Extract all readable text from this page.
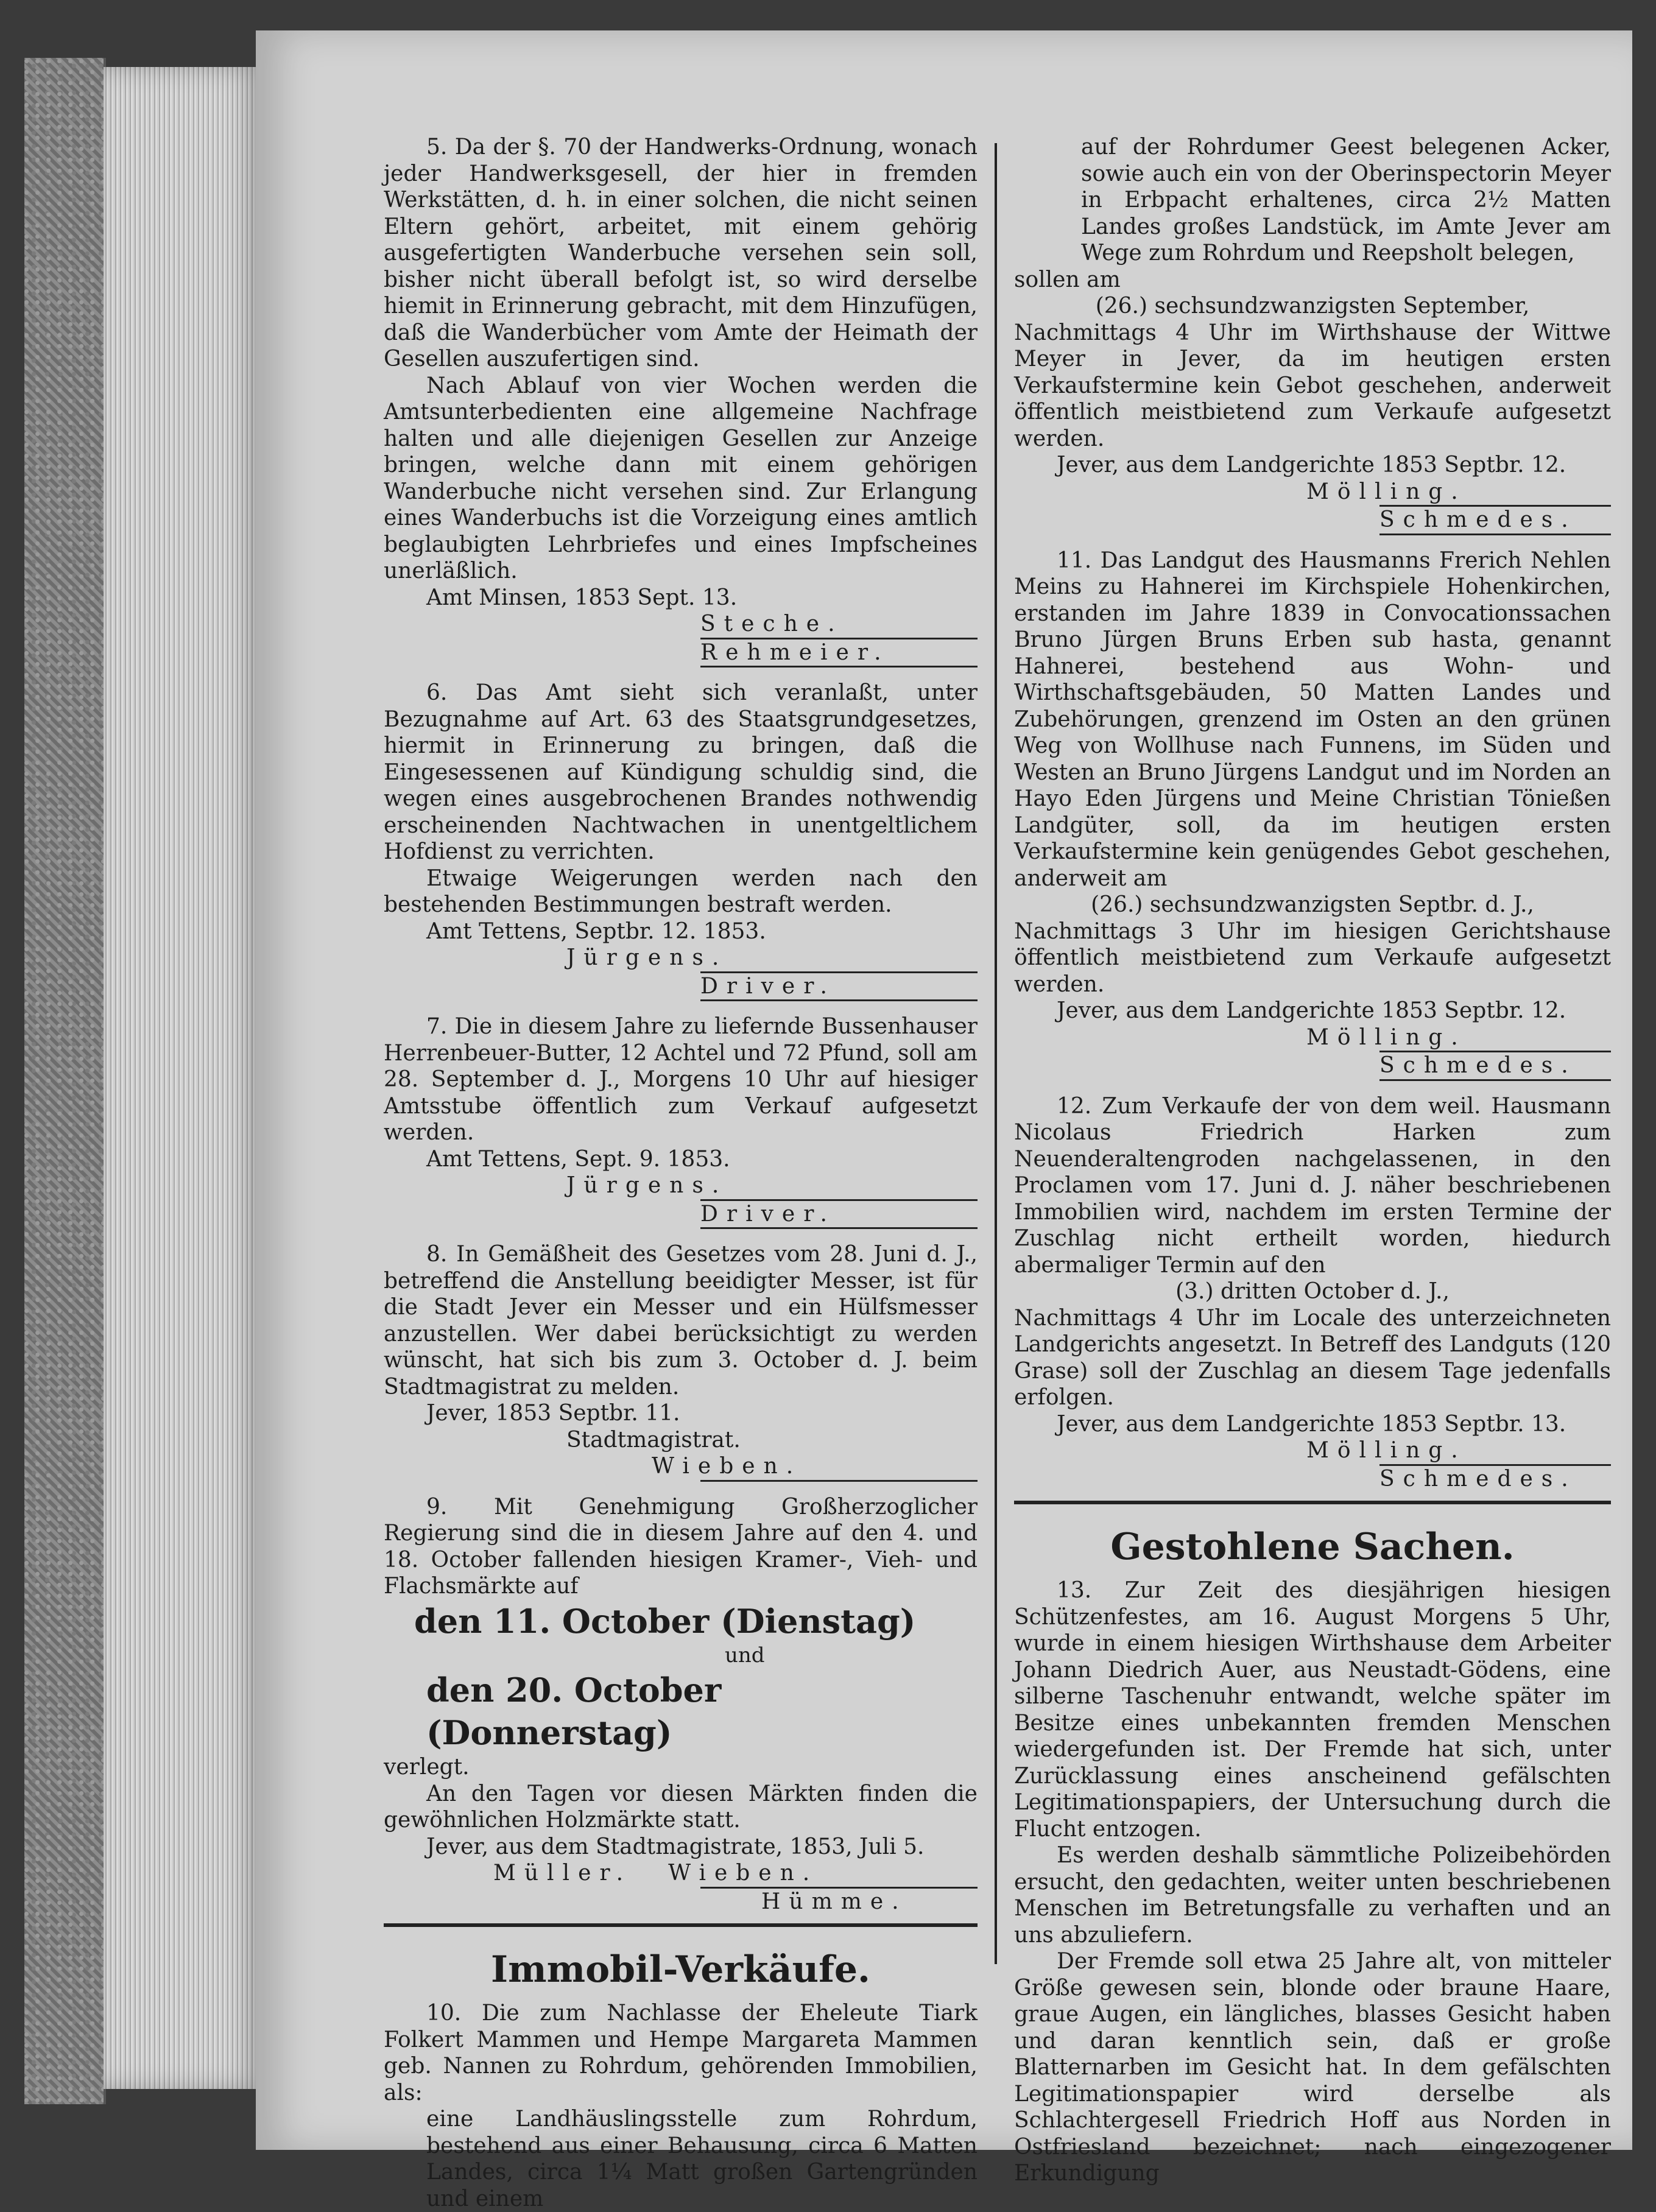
5. Da der §. 70 der Handwerks-Ordnung, wonach jeder Handwerksgesell, der hier in fremden Werkstätten, d. h. in einer solchen, die nicht seinen Eltern gehört, arbeitet, mit einem gehörig ausgefertigten Wanderbuche versehen sein soll, bisher nicht überall befolgt ist, so wird derselbe hiemit in Erinnerung gebracht, mit dem Hinzufügen, daß die Wanderbücher vom Amte der Heimath der Gesellen auszufertigen sind.

Nach Ablauf von vier Wochen werden die Amtsunterbedienten eine allgemeine Nachfrage halten und alle diejenigen Gesellen zur Anzeige bringen, welche dann mit einem gehörigen Wanderbuche nicht versehen sind. Zur Erlangung eines Wanderbuchs ist die Vorzeigung eines amtlich beglaubigten Lehrbriefes und eines Impfscheines unerläßlich.

Amt Minsen, 1853 Sept. 13.

Steche.

Rehmeier.

6. Das Amt sieht sich veranlaßt, unter Bezugnahme auf Art. 63 des Staatsgrundgesetzes, hiermit in Erinnerung zu bringen, daß die Eingesessenen auf Kündigung schuldig sind, die wegen eines ausgebrochenen Brandes nothwendig erscheinenden Nachtwachen in unentgeltlichem Hofdienst zu verrichten.

Etwaige Weigerungen werden nach den bestehenden Bestimmungen bestraft werden.

Amt Tettens, Septbr. 12. 1853.

Jürgens.

Driver.

7. Die in diesem Jahre zu liefernde Bussenhauser Herrenbeuer-Butter, 12 Achtel und 72 Pfund, soll am 28. September d. J., Morgens 10 Uhr auf hiesiger Amtsstube öffentlich zum Verkauf aufgesetzt werden.

Amt Tettens, Sept. 9. 1853.

Jürgens.

Driver.

8. In Gemäßheit des Gesetzes vom 28. Juni d. J., betreffend die Anstellung beeidigter Messer, ist für die Stadt Jever ein Messer und ein Hülfsmesser anzustellen. Wer dabei berücksichtigt zu werden wünscht, hat sich bis zum 3. October d. J. beim Stadtmagistrat zu melden.

Jever, 1853 Septbr. 11.

Stadtmagistrat.

Wieben.

9. Mit Genehmigung Großherzoglicher Regierung sind die in diesem Jahre auf den 4. und 18. October fallenden hiesigen Kramer-, Vieh- und Flachsmärkte auf

den 11. October (Dienstag)

und

den 20. October (Donnerstag)

verlegt.

An den Tagen vor diesen Märkten finden die gewöhnlichen Holzmärkte statt.

Jever, aus dem Stadtmagistrate, 1853, Juli 5.

Müller. Wieben.

Hümme.

Immobil-Verkäufe.

10. Die zum Nachlasse der Eheleute Tiark Folkert Mammen und Hempe Margareta Mammen geb. Nannen zu Rohrdum, gehörenden Immobilien, als:

eine Landhäuslingsstelle zum Rohrdum, bestehend aus einer Behausung, circa 6 Matten Landes, circa 1¼ Matt großen Gartengründen und einem

auf der Rohrdumer Geest belegenen Acker, sowie auch ein von der Oberinspectorin Meyer in Erbpacht erhaltenes, circa 2½ Matten Landes großes Landstück, im Amte Jever am Wege zum Rohrdum und Reepsholt belegen,

sollen am

(26.) sechsundzwanzigsten September,

Nachmittags 4 Uhr im Wirthshause der Wittwe Meyer in Jever, da im heutigen ersten Verkaufstermine kein Gebot geschehen, anderweit öffentlich meistbietend zum Verkaufe aufgesetzt werden.

Jever, aus dem Landgerichte 1853 Septbr. 12.

Mölling.

Schmedes.

11. Das Landgut des Hausmanns Frerich Nehlen Meins zu Hahnerei im Kirchspiele Hohenkirchen, erstanden im Jahre 1839 in Convocationssachen Bruno Jürgen Bruns Erben sub hasta, genannt Hahnerei, bestehend aus Wohn- und Wirthschaftsgebäuden, 50 Matten Landes und Zubehörungen, grenzend im Osten an den grünen Weg von Wollhuse nach Funnens, im Süden und Westen an Bruno Jürgens Landgut und im Norden an Hayo Eden Jürgens und Meine Christian Tönießen Landgüter, soll, da im heutigen ersten Verkaufstermine kein genügendes Gebot geschehen, anderweit am

(26.) sechsundzwanzigsten Septbr. d. J.,

Nachmittags 3 Uhr im hiesigen Gerichtshause öffentlich meistbietend zum Verkaufe aufgesetzt werden.

Jever, aus dem Landgerichte 1853 Septbr. 12.

Mölling.

Schmedes.

12. Zum Verkaufe der von dem weil. Hausmann Nicolaus Friedrich Harken zum Neuenderaltengroden nachgelassenen, in den Proclamen vom 17. Juni d. J. näher beschriebenen Immobilien wird, nachdem im ersten Termine der Zuschlag nicht ertheilt worden, hiedurch abermaliger Termin auf den

(3.) dritten October d. J.,

Nachmittags 4 Uhr im Locale des unterzeichneten Landgerichts angesetzt. In Betreff des Landguts (120 Grase) soll der Zuschlag an diesem Tage jedenfalls erfolgen.

Jever, aus dem Landgerichte 1853 Septbr. 13.

Mölling.

Schmedes.

Gestohlene Sachen.

13. Zur Zeit des diesjährigen hiesigen Schützenfestes, am 16. August Morgens 5 Uhr, wurde in einem hiesigen Wirthshause dem Arbeiter Johann Diedrich Auer, aus Neustadt-Gödens, eine silberne Taschenuhr entwandt, welche später im Besitze eines unbekannten fremden Menschen wiedergefunden ist. Der Fremde hat sich, unter Zurücklassung eines anscheinend gefälschten Legitimationspapiers, der Untersuchung durch die Flucht entzogen.

Es werden deshalb sämmtliche Polizeibehörden ersucht, den gedachten, weiter unten beschriebenen Menschen im Betretungsfalle zu verhaften und an uns abzuliefern.

Der Fremde soll etwa 25 Jahre alt, von mitteler Größe gewesen sein, blonde oder braune Haare, graue Augen, ein längliches, blasses Gesicht haben und daran kenntlich sein, daß er große Blatternarben im Gesicht hat. In dem gefälschten Legitimationspapier wird derselbe als Schlachtergesell Friedrich Hoff aus Norden in Ostfriesland bezeichnet; nach eingezogener Erkundigung
